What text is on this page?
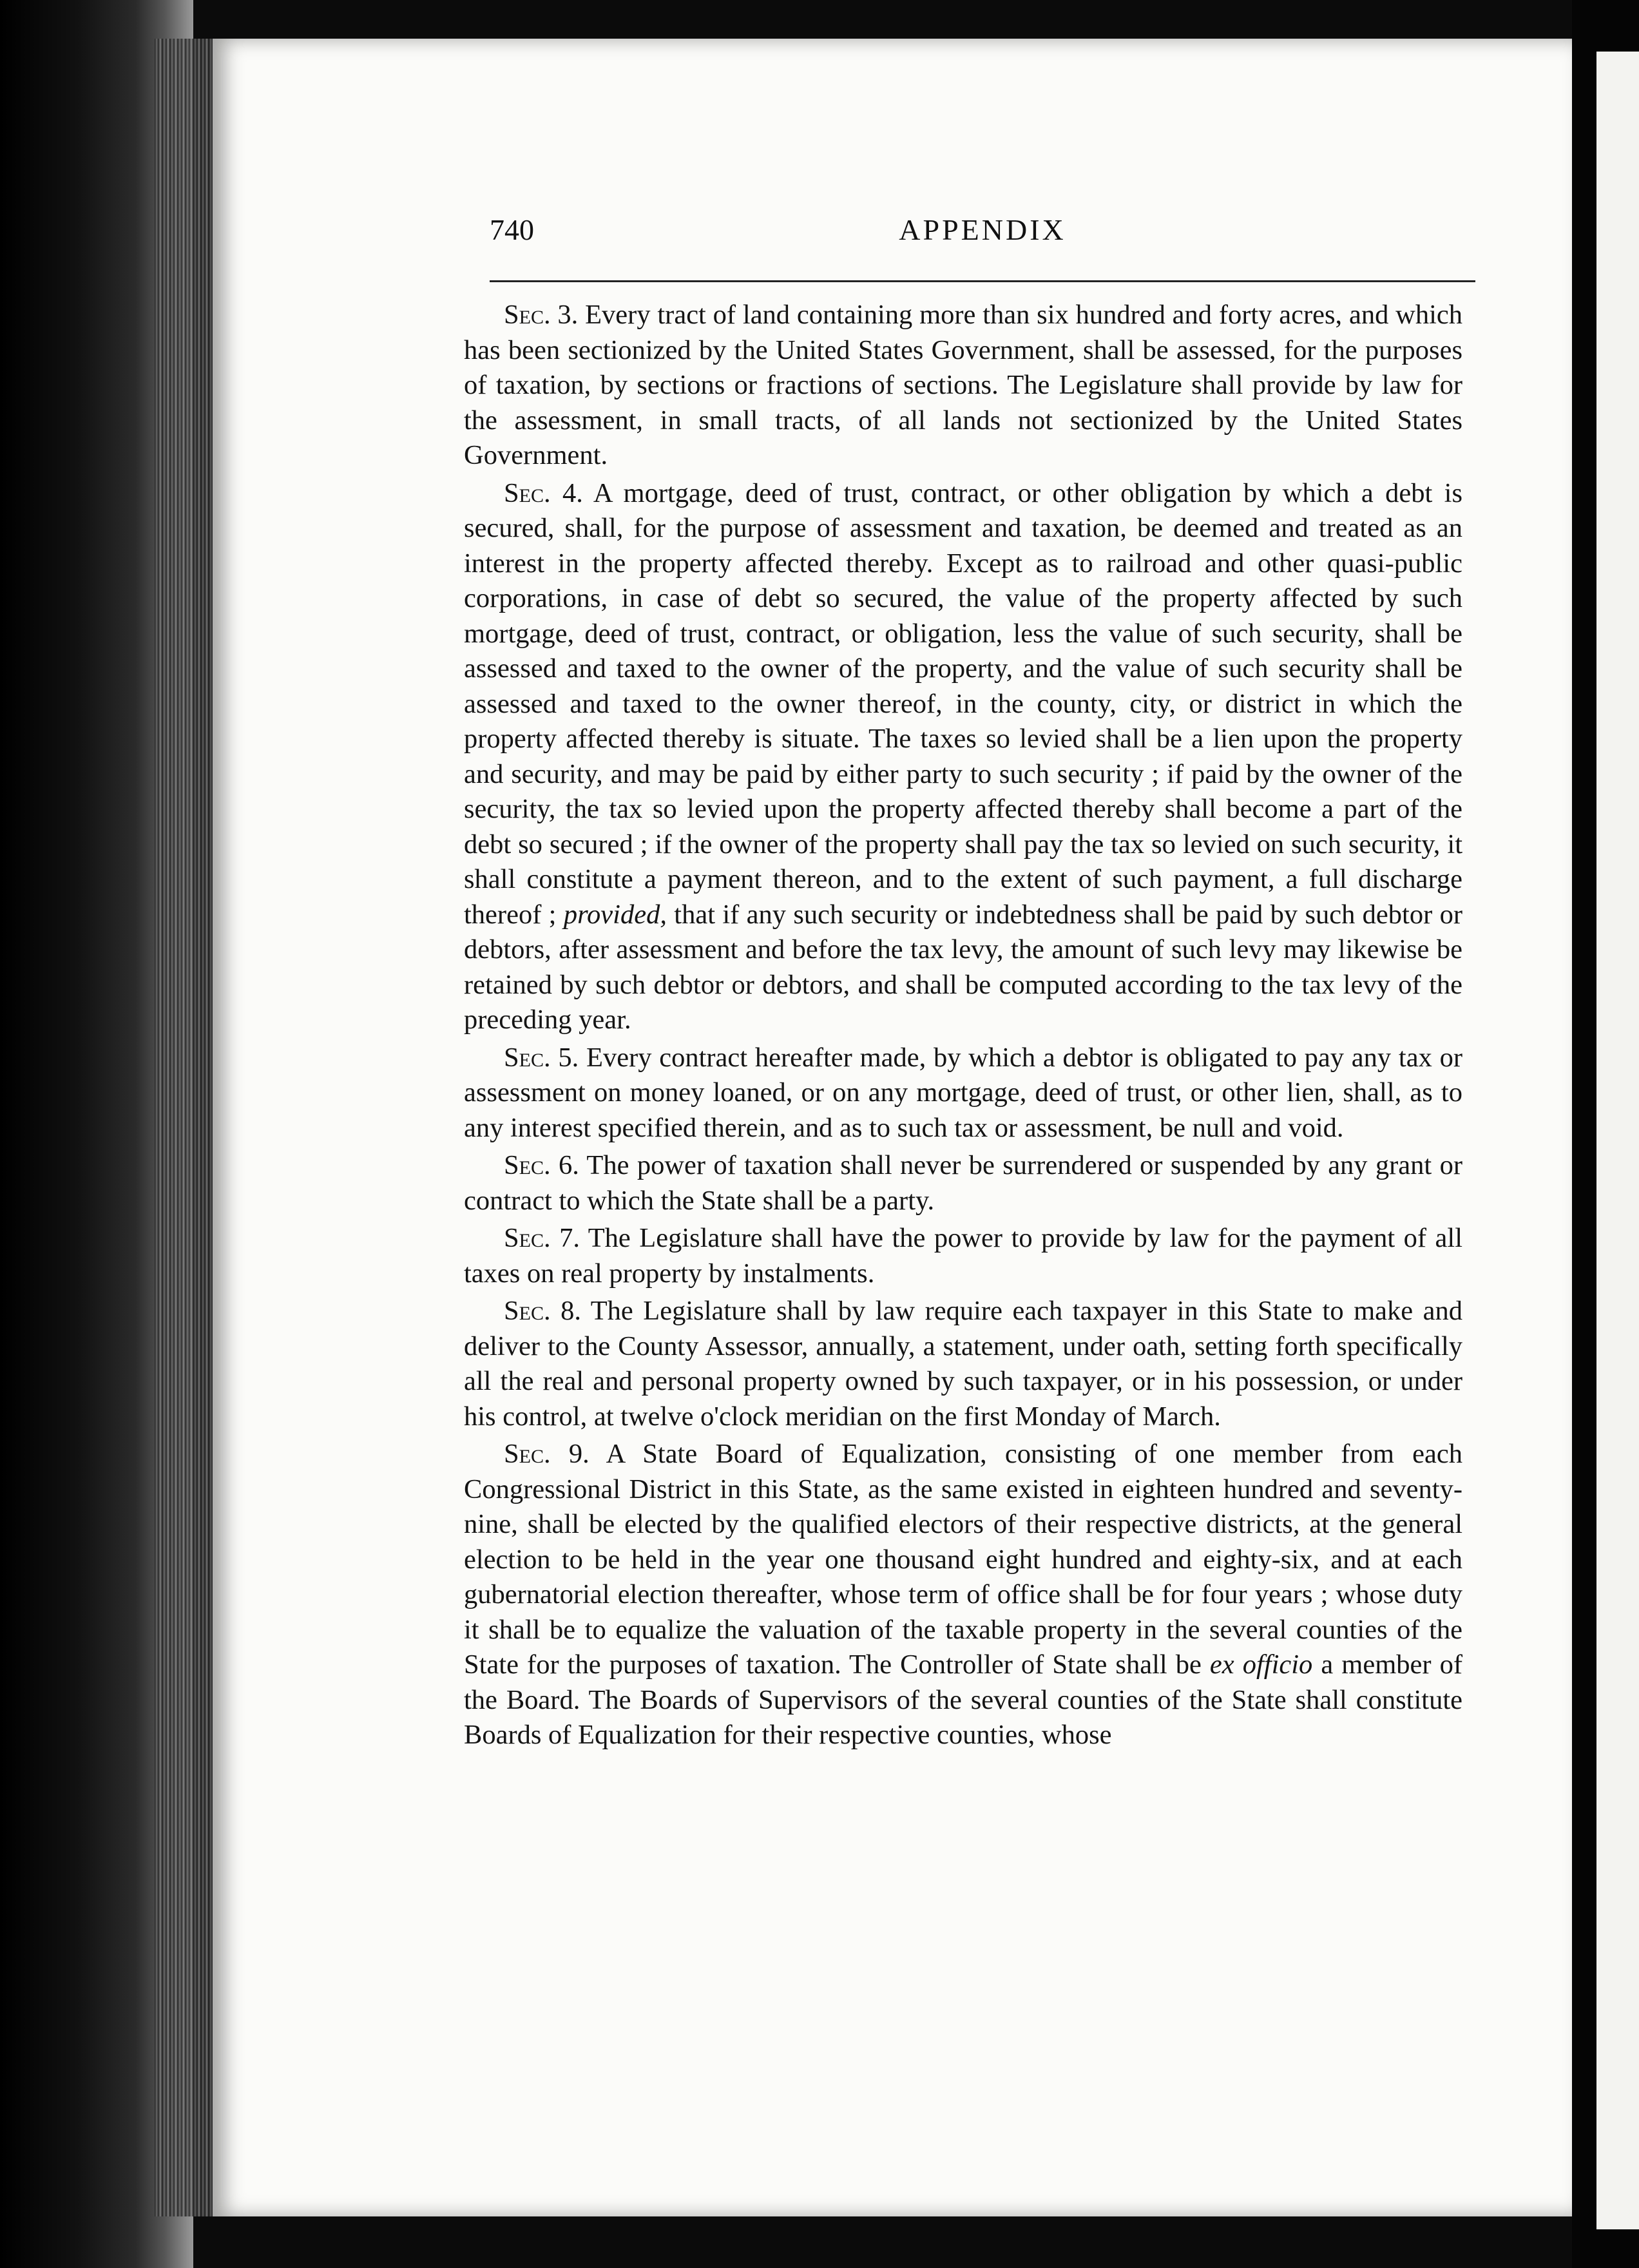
740	APPENDIX

Sec. 3. Every tract of land containing more than six hundred and forty acres, and which has been sectionized by the United States Government, shall be assessed, for the purposes of taxation, by sections or fractions of sections. The Legislature shall provide by law for the assessment, in small tracts, of all lands not sectionized by the United States Government.

Sec. 4. A mortgage, deed of trust, contract, or other obligation by which a debt is secured, shall, for the purpose of assessment and taxation, be deemed and treated as an interest in the property affected thereby. Except as to railroad and other quasi-public corporations, in case of debt so secured, the value of the property affected by such mortgage, deed of trust, contract, or obligation, less the value of such security, shall be assessed and taxed to the owner of the property, and the value of such security shall be assessed and taxed to the owner thereof, in the county, city, or district in which the property affected thereby is situate. The taxes so levied shall be a lien upon the property and security, and may be paid by either party to such security ; if paid by the owner of the security, the tax so levied upon the property affected thereby shall become a part of the debt so secured ; if the owner of the property shall pay the tax so levied on such security, it shall constitute a payment thereon, and to the extent of such payment, a full discharge thereof ; provided, that if any such security or indebtedness shall be paid by such debtor or debtors, after assessment and before the tax levy, the amount of such levy may likewise be retained by such debtor or debtors, and shall be computed according to the tax levy of the preceding year.

Sec. 5. Every contract hereafter made, by which a debtor is obligated to pay any tax or assessment on money loaned, or on any mortgage, deed of trust, or other lien, shall, as to any interest specified therein, and as to such tax or assessment, be null and void.

Sec. 6. The power of taxation shall never be surrendered or suspended by any grant or contract to which the State shall be a party.

Sec. 7. The Legislature shall have the power to provide by law for the payment of all taxes on real property by instalments.

Sec. 8. The Legislature shall by law require each taxpayer in this State to make and deliver to the County Assessor, annually, a statement, under oath, setting forth specifically all the real and personal property owned by such taxpayer, or in his possession, or under his control, at twelve o'clock meridian on the first Monday of March.

Sec. 9. A State Board of Equalization, consisting of one member from each Congressional District in this State, as the same existed in eighteen hundred and seventy-nine, shall be elected by the qualified electors of their respective districts, at the general election to be held in the year one thousand eight hundred and eighty-six, and at each gubernatorial election thereafter, whose term of office shall be for four years ; whose duty it shall be to equalize the valuation of the taxable property in the several counties of the State for the purposes of taxation. The Controller of State shall be ex officio a member of the Board. The Boards of Supervisors of the several counties of the State shall constitute Boards of Equalization for their respective counties, whose
